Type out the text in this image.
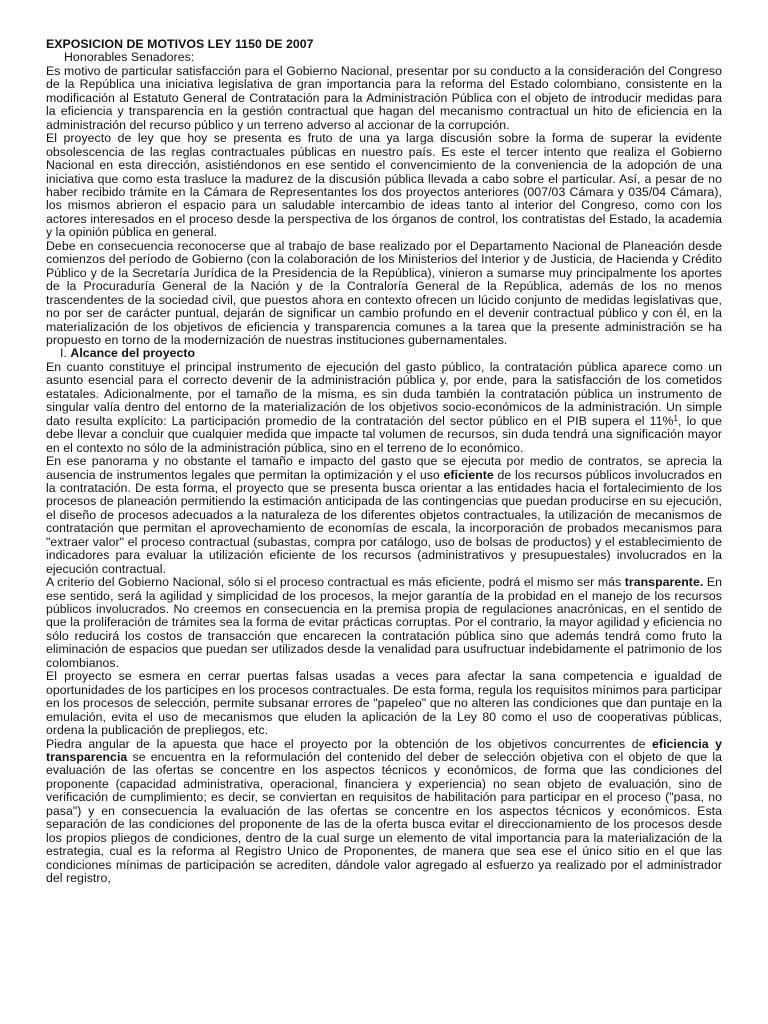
EXPOSICION DE MOTIVOS LEY 1150 DE 2007

Honorables Senadores:

Es motivo de particular satisfacción para el Gobierno Nacional, presentar por su conducto a la consideración del Congreso de la República una iniciativa legislativa de gran importancia para la reforma del Estado colombiano, consistente en la modificación al Estatuto General de Contratación para la Administración Pública con el objeto de introducir medidas para la eficiencia y transparencia en la gestión contractual que hagan del mecanismo contractual un hito de eficiencia en la administración del recurso público y un terreno adverso al accionar de la corrupción.

El proyecto de ley que hoy se presenta es fruto de una ya larga discusión sobre la forma de superar la evidente obsolescencia de las reglas contractuales públicas en nuestro país. Es este el tercer intento que realiza el Gobierno Nacional en esta dirección, asistiéndonos en ese sentido el convencimiento de la conveniencia de la adopción de una iniciativa que como esta trasluce la madurez de la discusión pública llevada a cabo sobre el particular. Así, a pesar de no haber recibido trámite en la Cámara de Representantes los dos proyectos anteriores (007/03 Cámara y 035/04 Cámara), los mismos abrieron el espacio para un saludable intercambio de ideas tanto al interior del Congreso, como con los actores interesados en el proceso desde la perspectiva de los órganos de control, los contratistas del Estado, la academia y la opinión pública en general.

Debe en consecuencia reconocerse que al trabajo de base realizado por el Departamento Nacional de Planeación desde comienzos del período de Gobierno (con la colaboración de los Ministerios del Interior y de Justicia, de Hacienda y Crédito Público y de la Secretaría Jurídica de la Presidencia de la República), vinieron a sumarse muy principalmente los aportes de la Procuraduría General de la Nación y de la Contraloría General de la República, además de los no menos trascendentes de la sociedad civil, que puestos ahora en contexto ofrecen un lúcido conjunto de medidas legislativas que, no por ser de carácter puntual, dejarán de significar un cambio profundo en el devenir contractual público y con él, en la materialización de los objetivos de eficiencia y transparencia comunes a la tarea que la presente administración se ha propuesto en torno de la modernización de nuestras instituciones gubernamentales.

I. Alcance del proyecto

En cuanto constituye el principal instrumento de ejecución del gasto público, la contratación pública aparece como un asunto esencial para el correcto devenir de la administración pública y, por ende, para la satisfacción de los cometidos estatales. Adicionalmente, por el tamaño de la misma, es sin duda también la contratación pública un instrumento de singular valía dentro del entorno de la materialización de los objetivos socio-económicos de la administración. Un simple dato resulta explícito: La participación promedio de la contratación del sector público en el PIB supera el 11%$^1$, lo que debe llevar a concluir que cualquier medida que impacte tal volumen de recursos, sin duda tendrá una significación mayor en el contexto no sólo de la administración pública, sino en el terreno de lo económico.

En ese panorama y no obstante el tamaño e impacto del gasto que se ejecuta por medio de contratos, se aprecia la ausencia de instrumentos legales que permitan la optimización y el uso eficiente de los recursos públicos involucrados en la contratación. De esta forma, el proyecto que se presenta busca orientar a las entidades hacia el fortalecimiento de los procesos de planeación permitiendo la estimación anticipada de las contingencias que puedan producirse en su ejecución, el diseño de procesos adecuados a la naturaleza de los diferentes objetos contractuales, la utilización de mecanismos de contratación que permitan el aprovechamiento de economías de escala, la incorporación de probados mecanismos para "extraer valor" el proceso contractual (subastas, compra por catálogo, uso de bolsas de productos) y el establecimiento de indicadores para evaluar la utilización eficiente de los recursos (administrativos y presupuestales) involucrados en la ejecución contractual.

A criterio del Gobierno Nacional, sólo si el proceso contractual es más eficiente, podrá el mismo ser más transparente. En ese sentido, será la agilidad y simplicidad de los procesos, la mejor garantía de la probidad en el manejo de los recursos públicos involucrados. No creemos en consecuencia en la premisa propia de regulaciones anacrónicas, en el sentido de que la proliferación de trámites sea la forma de evitar prácticas corruptas. Por el contrario, la mayor agilidad y eficiencia no sólo reducirá los costos de transacción que encarecen la contratación pública sino que además tendrá como fruto la eliminación de espacios que puedan ser utilizados desde la venalidad para usufructuar indebidamente el patrimonio de los colombianos.

El proyecto se esmera en cerrar puertas falsas usadas a veces para afectar la sana competencia e igualdad de oportunidades de los participes en los procesos contractuales. De esta forma, regula los requisitos mínimos para participar en los procesos de selección, permite subsanar errores de "papeleo" que no alteren las condiciones que dan puntaje en la emulación, evita el uso de mecanismos que eluden la aplicación de la Ley 80 como el uso de cooperativas públicas, ordena la publicación de prepliegos, etc.

Piedra angular de la apuesta que hace el proyecto por la obtención de los objetivos concurrentes de eficiencia y transparencia se encuentra en la reformulación del contenido del deber de selección objetiva con el objeto de que la evaluación de las ofertas se concentre en los aspectos técnicos y económicos, de forma que las condiciones del proponente (capacidad administrativa, operacional, financiera y experiencia) no sean objeto de evaluación, sino de verificación de cumplimiento; es decir, se conviertan en requisitos de habilitación para participar en el proceso ("pasa, no pasa") y en consecuencia la evaluación de las ofertas se concentre en los aspectos técnicos y económicos. Esta separación de las condiciones del proponente de las de la oferta busca evitar el direccionamiento de los procesos desde los propios pliegos de condiciones, dentro de la cual surge un elemento de vital importancia para la materialización de la estrategia, cual es la reforma al Registro Unico de Proponentes, de manera que sea ese el único sitio en el que las condiciones mínimas de participación se acrediten, dándole valor agregado al esfuerzo ya realizado por el administrador del registro,
